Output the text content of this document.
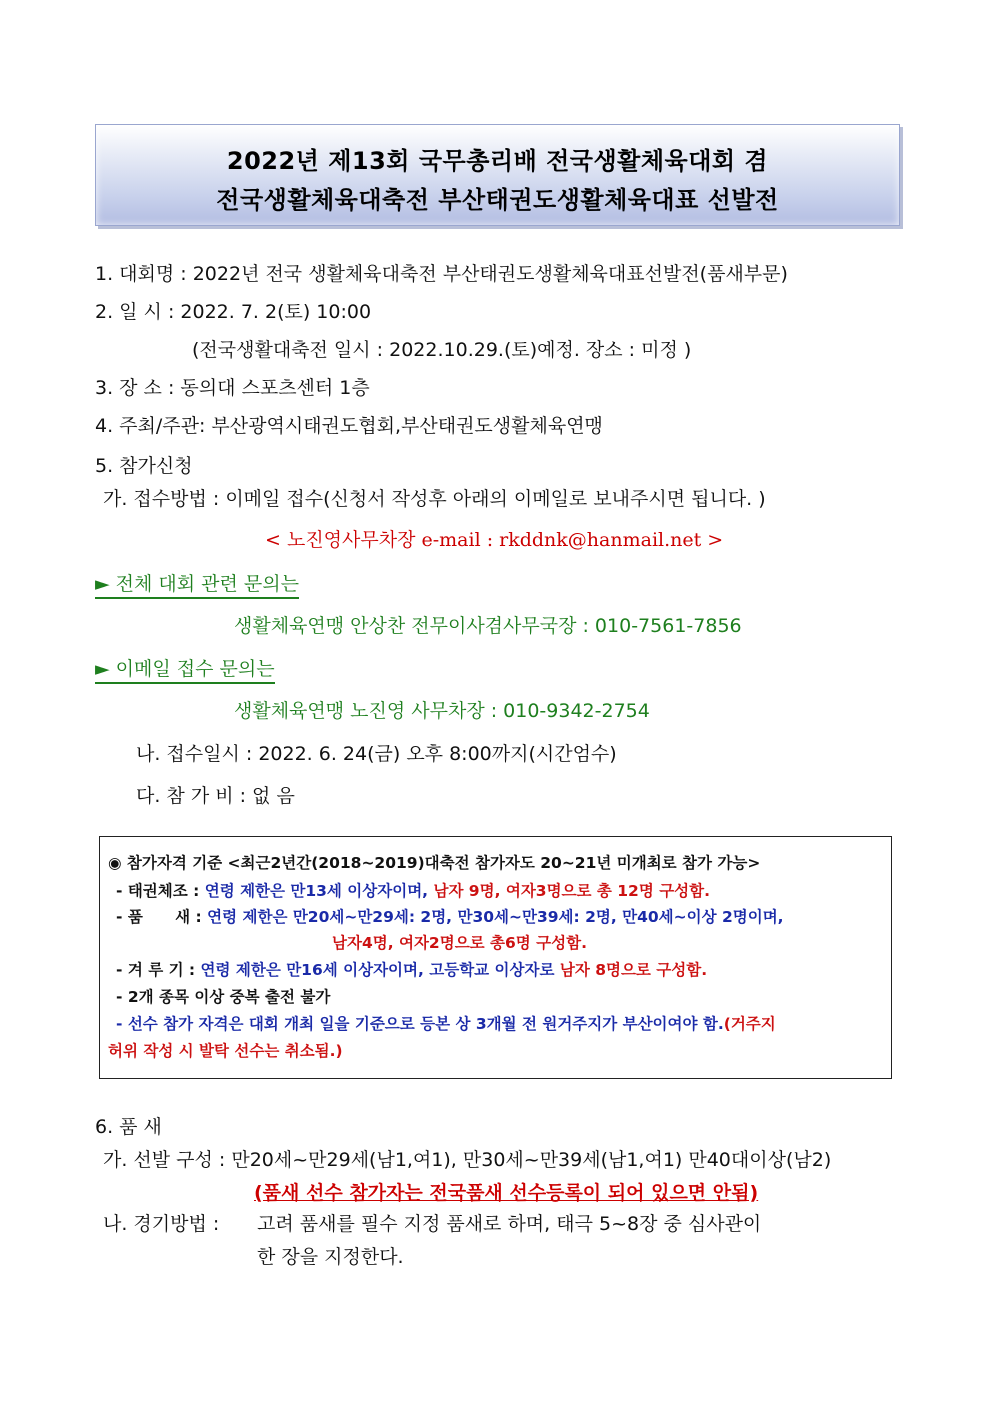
2022년 제13회 국무총리배 전국생활체육대회 겸
전국생활체육대축전 부산태권도생활체육대표 선발전
1. 대회명 : 2022년 전국 생활체육대축전 부산태권도생활체육대표선발전(품새부문)
2. 일 시 : 2022. 7. 2(토) 10:00
(전국생활대축전 일시 : 2022.10.29.(토)예정. 장소 : 미정 )
3. 장 소 : 동의대 스포츠센터 1층
4. 주최/주관: 부산광역시태권도협회,부산태권도생활체육연맹
5. 참가신청
가. 접수방법 : 이메일 접수(신청서 작성후 아래의 이메일로 보내주시면 됩니다. )
< 노진영사무차장 e-mail : rkddnk@hanmail.net >
► 전체 대회 관련 문의는
생활체육연맹 안상찬 전무이사겸사무국장 : 010-7561-7856
► 이메일 접수 문의는
생활체육연맹 노진영 사무차장 : 010-9342-2754
나. 접수일시 : 2022. 6. 24(금) 오후 8:00까지(시간엄수)
다. 참 가 비 : 없 음
◉ 참가자격 기준 <최근2년간(2018~2019)대축전 참가자도 20~21년 미개최로 참가 가능>
- 태권체조 : 연령 제한은 만13세 이상자이며, 남자 9명, 여자3명으로 총 12명 구성함.
- 품      새 : 연령 제한은 만20세~만29세: 2명, 만30세~만39세: 2명, 만40세~이상 2명이며,
남자4명, 여자2명으로 총6명 구성함.
- 겨 루 기 : 연령 제한은 만16세 이상자이며, 고등학교 이상자로 남자 8명으로 구성함.
- 2개 종목 이상 중복 출전 불가
- 선수 참가 자격은 대회 개최 일을 기준으로 등본 상 3개월 전 원거주지가 부산이여야 함.(거주지
허위 작성 시 발탁 선수는 취소됨.)
6. 품 새
가. 선발 구성 : 만20세~만29세(남1,여1), 만30세~만39세(남1,여1) 만40대이상(남2)
(품새 선수 참가자는 전국품새 선수등록이 되어 있으면 안됨)
나. 경기방법 : 고려 품새를 필수 지정 품새로 하며, 태극 5~8장 중 심사관이
한 장을 지정한다.
